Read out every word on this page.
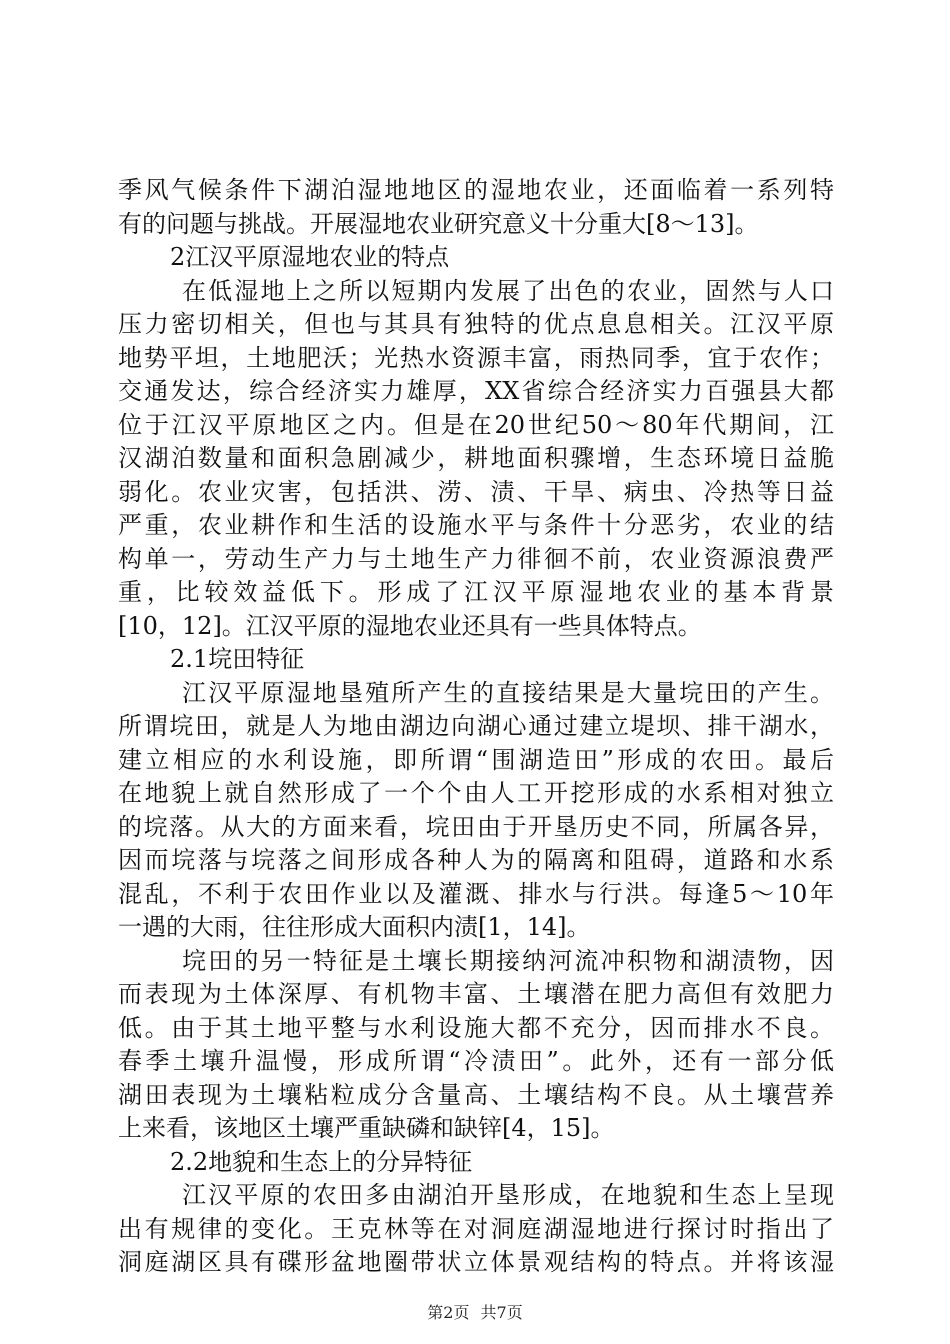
季风气候条件下湖泊湿地地区的湿地农业，还面临着一系列特
有的问题与挑战。开展湿地农业研究意义十分重大[8～13]。
2江汉平原湿地农业的特点
在低湿地上之所以短期内发展了出色的农业，固然与人口
压力密切相关，但也与其具有独特的优点息息相关。江汉平原
地势平坦，土地肥沃；光热水资源丰富，雨热同季，宜于农作；
交通发达，综合经济实力雄厚，XX省综合经济实力百强县大都
位于江汉平原地区之内。但是在20世纪50～80年代期间，江
汉湖泊数量和面积急剧减少，耕地面积骤增，生态环境日益脆
弱化。农业灾害，包括洪、涝、渍、干旱、病虫、冷热等日益
严重，农业耕作和生活的设施水平与条件十分恶劣，农业的结
构单一，劳动生产力与土地生产力徘徊不前，农业资源浪费严
重，比较效益低下。形成了江汉平原湿地农业的基本背景
[10，12]。江汉平原的湿地农业还具有一些具体特点。
2.1垸田特征
江汉平原湿地垦殖所产生的直接结果是大量垸田的产生。
所谓垸田，就是人为地由湖边向湖心通过建立堤坝、排干湖水，
建立相应的水利设施，即所谓“围湖造田”形成的农田。最后
在地貌上就自然形成了一个个由人工开挖形成的水系相对独立
的垸落。从大的方面来看，垸田由于开垦历史不同，所属各异，
因而垸落与垸落之间形成各种人为的隔离和阻碍，道路和水系
混乱，不利于农田作业以及灌溉、排水与行洪。每逢5～10年
一遇的大雨，往往形成大面积内渍[1，14]。
垸田的另一特征是土壤长期接纳河流冲积物和湖渍物，因
而表现为土体深厚、有机物丰富、土壤潜在肥力高但有效肥力
低。由于其土地平整与水利设施大都不充分，因而排水不良。
春季土壤升温慢，形成所谓“冷渍田”。此外，还有一部分低
湖田表现为土壤粘粒成分含量高、土壤结构不良。从土壤营养
上来看，该地区土壤严重缺磷和缺锌[4，15]。
2.2地貌和生态上的分异特征
江汉平原的农田多由湖泊开垦形成，在地貌和生态上呈现
出有规律的变化。王克林等在对洞庭湖湿地进行探讨时指出了
洞庭湖区具有碟形盆地圈带状立体景观结构的特点。并将该湿
第2页 共7页
